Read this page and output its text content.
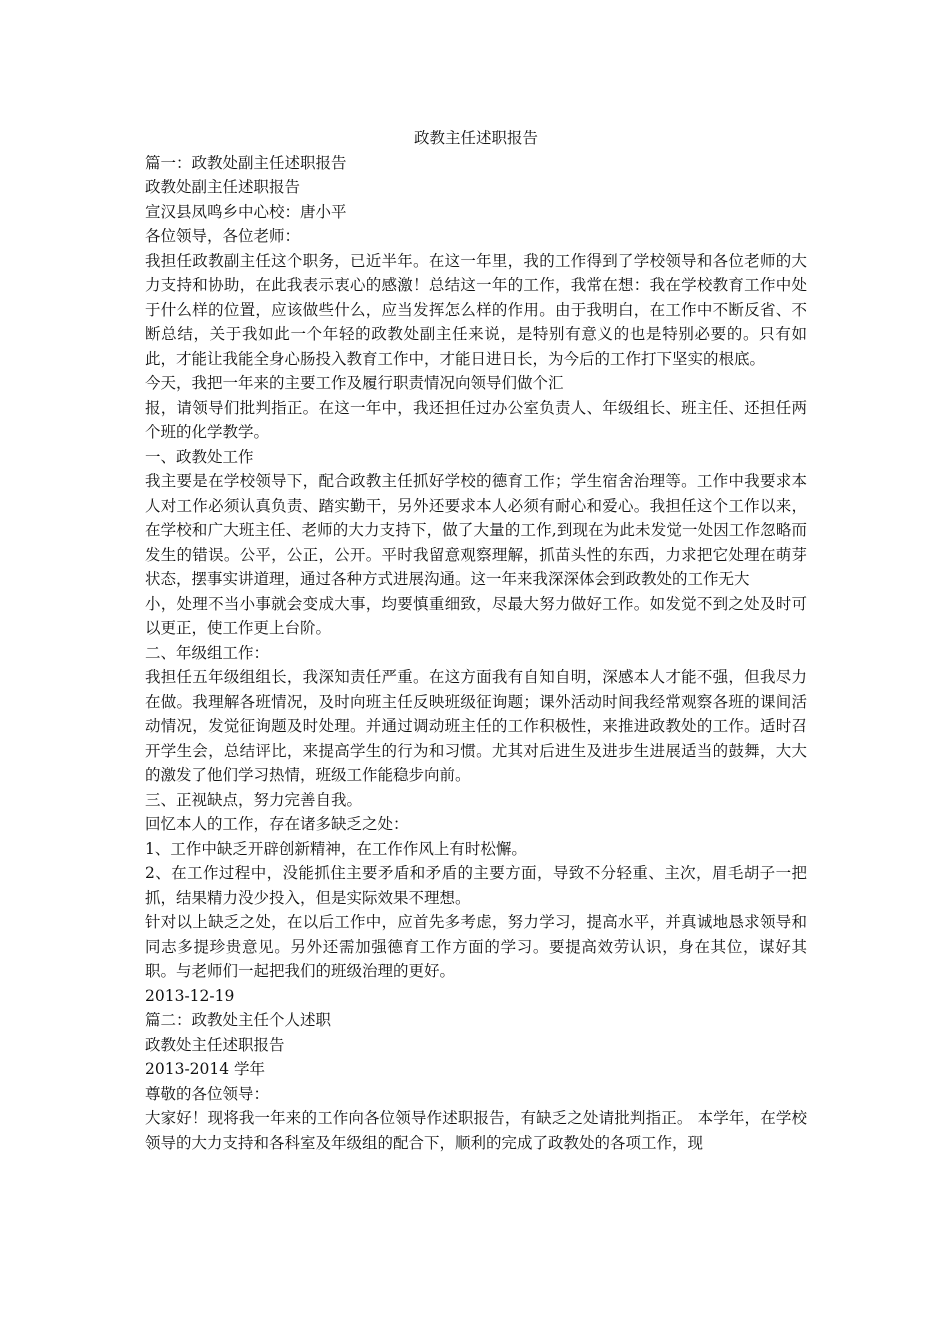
政教主任述职报告
篇一：政教处副主任述职报告
政教处副主任述职报告
宣汉县凤鸣乡中心校：唐小平
各位领导，各位老师：
我担任政教副主任这个职务，已近半年。在这一年里，我的工作得到了学校领导和各位老师的大力支持和协助，在此我表示衷心的感激！总结这一年的工作，我常在想：我在学校教育工作中处于什么样的位置，应该做些什么，应当发挥怎么样的作用。由于我明白，在工作中不断反省、不断总结，关于我如此一个年轻的政教处副主任来说，是特别有意义的也是特别必要的。只有如此，才能让我能全身心肠投入教育工作中，才能日进日长，为今后的工作打下坚实的根底。
今天，我把一年来的主要工作及履行职责情况向领导们做个汇
报，请领导们批判指正。在这一年中，我还担任过办公室负责人、年级组长、班主任、还担任两个班的化学教学。
一、政教处工作
我主要是在学校领导下，配合政教主任抓好学校的德育工作；学生宿舍治理等。工作中我要求本人对工作必须认真负责、踏实勤干，另外还要求本人必须有耐心和爱心。我担任这个工作以来，在学校和广大班主任、老师的大力支持下，做了大量的工作,到现在为此未发觉一处因工作忽略而发生的错误。公平，公正，公开。平时我留意观察理解，抓苗头性的东西，力求把它处理在萌芽状态，摆事实讲道理，通过各种方式进展沟通。这一年来我深深体会到政教处的工作无大
小，处理不当小事就会变成大事，均要慎重细致，尽最大努力做好工作。如发觉不到之处及时可以更正，使工作更上台阶。
二、年级组工作：
我担任五年级组组长，我深知责任严重。在这方面我有自知自明，深感本人才能不强，但我尽力在做。我理解各班情况，及时向班主任反映班级征询题；课外活动时间我经常观察各班的课间活动情况，发觉征询题及时处理。并通过调动班主任的工作积极性，来推进政教处的工作。适时召开学生会，总结评比，来提高学生的行为和习惯。尤其对后进生及进步生进展适当的鼓舞，大大的激发了他们学习热情，班级工作能稳步向前。
三、正视缺点，努力完善自我。
回忆本人的工作，存在诸多缺乏之处：
1、工作中缺乏开辟创新精神，在工作作风上有时松懈。
2、在工作过程中，没能抓住主要矛盾和矛盾的主要方面，导致不分轻重、主次，眉毛胡子一把抓，结果精力没少投入，但是实际效果不理想。
针对以上缺乏之处，在以后工作中，应首先多考虑，努力学习，提高水平，并真诚地恳求领导和同志多提珍贵意见。另外还需加强德育工作方面的学习。要提高效劳认识，身在其位，谋好其职。与老师们一起把我们的班级治理的更好。
2013-12-19
篇二：政教处主任个人述职
政教处主任述职报告
2013-2014 学年
尊敬的各位领导：
大家好！现将我一年来的工作向各位领导作述职报告，有缺乏之处请批判指正。 本学年，在学校领导的大力支持和各科室及年级组的配合下，顺利的完成了政教处的各项工作，现
